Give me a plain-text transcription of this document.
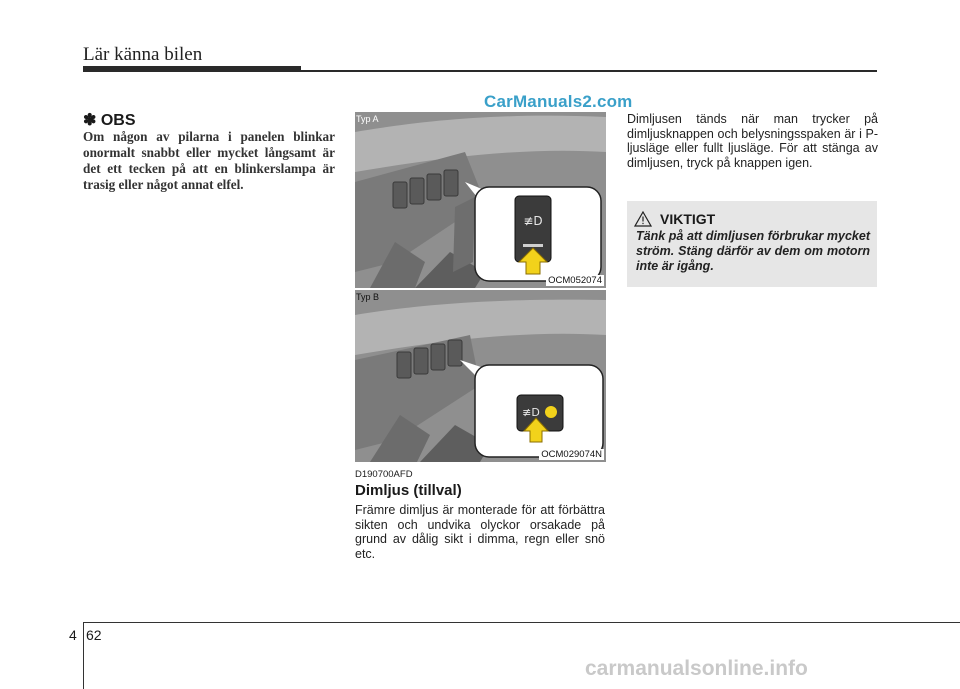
Lär känna bilen
CarManuals2.com
✽ OBS
Om någon av pilarna i panelen blinkar onormalt snabbt eller mycket långsamt är det ett tecken på att en blinkerslampa är trasig eller något annat elfel.
Typ A
≢D
OCM052074
Typ B
≢D
OCM029074N
D190700AFD
Dimljus (tillval)
Främre dimljus är monterade för att förbättra sikten och undvika olyckor orsakade på grund av dålig sikt i dimma, regn eller snö etc.
Dimljusen tänds när man trycker på dimljusknappen och belysningsspaken är i P-ljusläge eller fullt ljusläge. För att stänga av dimljusen, tryck på knappen igen.
VIKTIGT
Tänk på att dimljusen förbrukar mycket ström. Stäng därför av dem om motorn inte är igång.
4 62
carmanualsonline.info
